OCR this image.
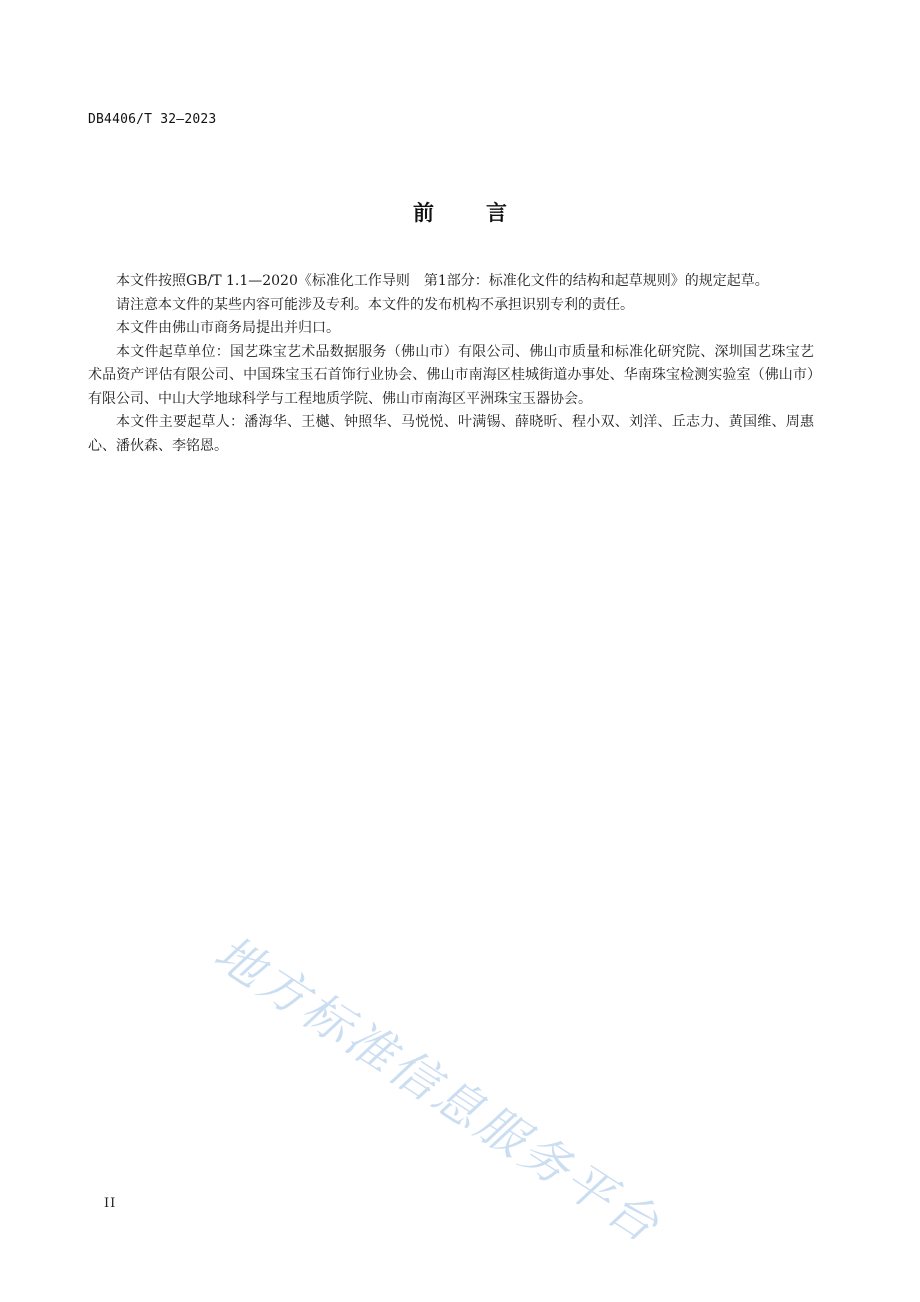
DB4406/T 32—2023
前言

本文件按照GB/T 1.1—2020《标准化工作导则　第1部分：标准化文件的结构和起草规则》的规定起草。

请注意本文件的某些内容可能涉及专利。本文件的发布机构不承担识别专利的责任。

本文件由佛山市商务局提出并归口。

本文件起草单位：国艺珠宝艺术品数据服务（佛山市）有限公司、佛山市质量和标准化研究院、深圳国艺珠宝艺术品资产评估有限公司、中国珠宝玉石首饰行业协会、佛山市南海区桂城街道办事处、华南珠宝检测实验室（佛山市）有限公司、中山大学地球科学与工程地质学院、佛山市南海区平洲珠宝玉器协会。

本文件主要起草人：潘海华、王樾、钟照华、马悦悦、叶满锡、薛晓昕、程小双、刘洋、丘志力、黄国维、周惠心、潘伙森、李铭恩。

地方标准信息服务平台
II
